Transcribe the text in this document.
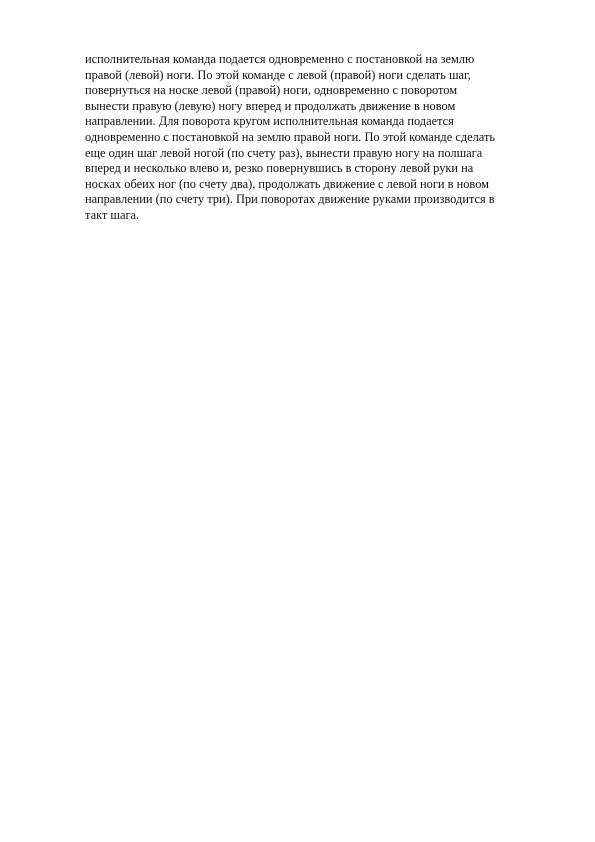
исполнительная команда подается одновременно с постановкой на землю
правой (левой) ноги. По этой команде с левой (правой) ноги сделать шаг,
повернуться на носке левой (правой) ноги, одновременно с поворотом
вынести правую (левую) ногу вперед и продолжать движение в новом
направлении. Для поворота кругом исполнительная команда подается
одновременно с постановкой на землю правой ноги. По этой команде сделать
еще один шаг левой ногой (по счету раз), вынести правую ногу на полшага
вперед и несколько влево и, резко повернувшись в сторону левой руки на
носках обеих ног (по счету два), продолжать движение с левой ноги в новом
направлении (по счету три). При поворотах движение руками производится в
такт шага.
